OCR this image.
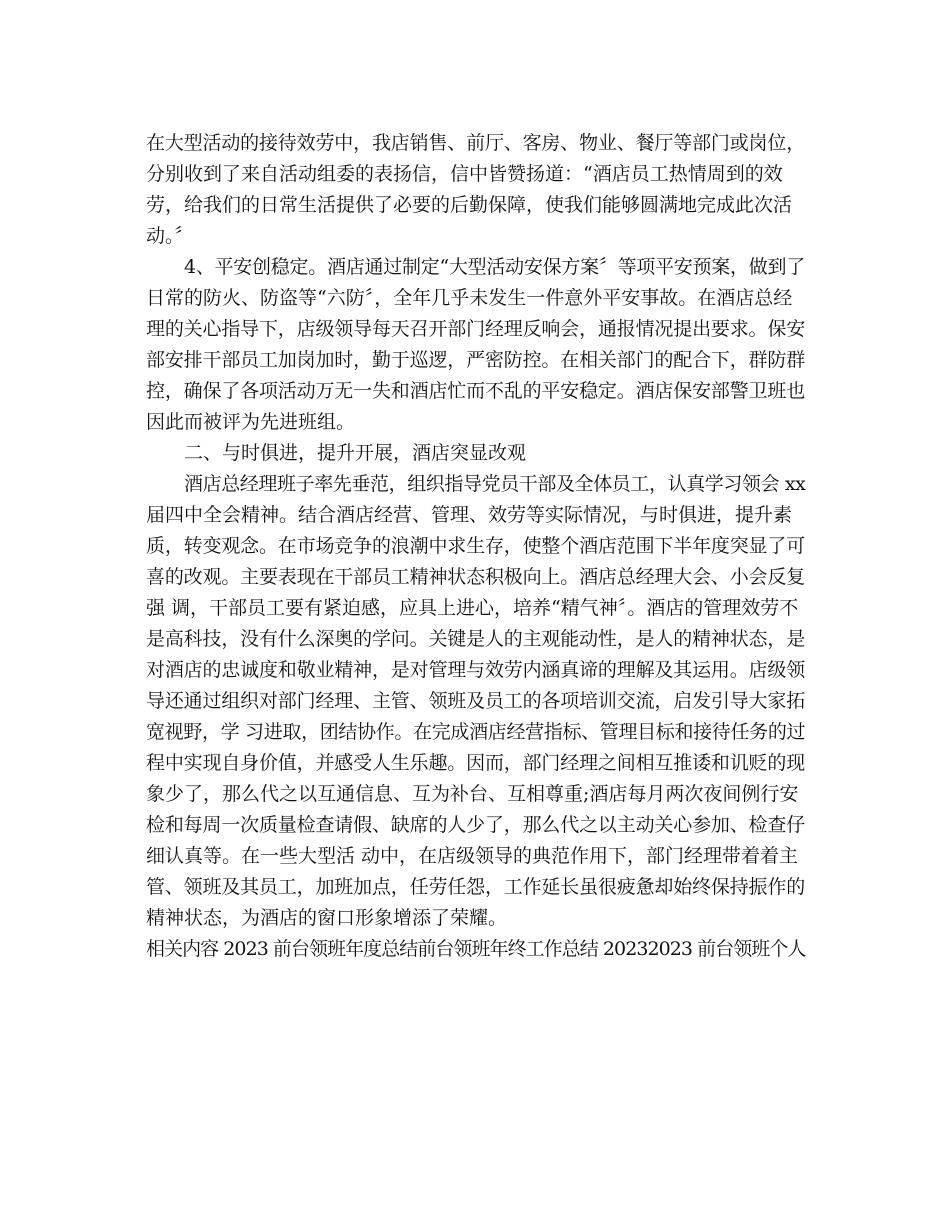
在大型活动的接待效劳中，我店销售、前厅、客房、物业、餐厅等部门或岗位，
分别收到了来自活动组委的表扬信，信中皆赞扬道：“酒店员工热情周到的效
劳，给我们的日常生活提供了必要的后勤保障，使我们能够圆满地完成此次活
动。〞
4、平安创稳定。酒店通过制定“大型活动安保方案〞等项平安预案，做到了
日常的防火、防盗等“六防〞，全年几乎未发生一件意外平安事故。在酒店总经
理的关心指导下，店级领导每天召开部门经理反响会，通报情况提出要求。保安
部安排干部员工加岗加时，勤于巡逻，严密防控。在相关部门的配合下，群防群
控，确保了各项活动万无一失和酒店忙而不乱的平安稳定。酒店保安部警卫班也
因此而被评为先进班组。
二、与时俱进，提升开展，酒店突显改观
酒店总经理班子率先垂范，组织指导党员干部及全体员工，认真学习领会 xx
届四中全会精神。结合酒店经营、管理、效劳等实际情况，与时俱进，提升素
质，转变观念。在市场竞争的浪潮中求生存，使整个酒店范围下半年度突显了可
喜的改观。主要表现在干部员工精神状态积极向上。酒店总经理大会、小会反复
强 调，干部员工要有紧迫感，应具上进心，培养“精气神〞。酒店的管理效劳不
是高科技，没有什么深奥的学问。关键是人的主观能动性，是人的精神状态，是
对酒店的忠诚度和敬业精神，是对管理与效劳内涵真谛的理解及其运用。店级领
导还通过组织对部门经理、主管、领班及员工的各项培训交流，启发引导大家拓
宽视野，学 习进取，团结协作。在完成酒店经营指标、管理目标和接待任务的过
程中实现自身价值，并感受人生乐趣。因而，部门经理之间相互推诿和讥贬的现
象少了，那么代之以互通信息、互为补台、互相尊重;酒店每月两次夜间例行安
检和每周一次质量检查请假、缺席的人少了，那么代之以主动关心参加、检查仔
细认真等。在一些大型活 动中，在店级领导的典范作用下，部门经理带着着主
管、领班及其员工，加班加点，任劳任怨，工作延长虽很疲惫却始终保持振作的
精神状态，为酒店的窗口形象增添了荣耀。
相关内容 2023 前台领班年度总结前台领班年终工作总结 20232023 前台领班个人
